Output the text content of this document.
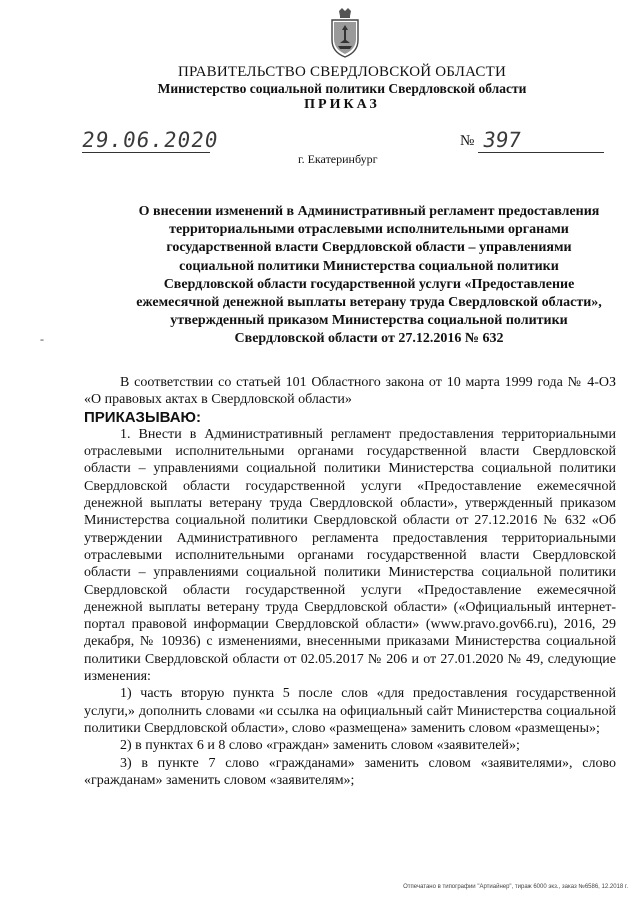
ПРАВИТЕЛЬСТВО СВЕРДЛОВСКОЙ ОБЛАСТИ
Министерство социальной политики Свердловской области
ПРИКАЗ
29.06.2020	№ 397
г. Екатеринбург
О внесении изменений в Административный регламент предоставления
территориальными отраслевыми исполнительными органами
государственной власти Свердловской области – управлениями
социальной политики Министерства социальной политики
Свердловской области государственной услуги «Предоставление
ежемесячной денежной выплаты ветерану труда Свердловской области»,
утвержденный приказом Министерства социальной политики
Свердловской области от 27.12.2016 № 632
-

В соответствии со статьей 101 Областного закона от 10 марта 1999 года № 4-ОЗ «О правовых актах в Свердловской области»

ПРИКАЗЫВАЮ:

1. Внести в Административный регламент предоставления территориальными отраслевыми исполнительными органами государственной власти Свердловской области – управлениями социальной политики Министерства социальной политики Свердловской области государственной услуги «Предоставление ежемесячной денежной выплаты ветерану труда Свердловской области», утвержденный приказом Министерства социальной политики Свердловской области от 27.12.2016 № 632 «Об утверждении Административного регламента предоставления территориальными отраслевыми исполнительными органами государственной власти Свердловской области – управлениями социальной политики Министерства социальной политики Свердловской области государственной услуги «Предоставление ежемесячной денежной выплаты ветерану труда Свердловской области» («Официальный интернет-портал правовой информации Свердловской области» (www.pravo.gov66.ru), 2016, 29 декабря, № 10936) с изменениями, внесенными приказами Министерства социальной политики Свердловской области от 02.05.2017 № 206 и от 27.01.2020 № 49, следующие изменения:

1) часть вторую пункта 5 после слов «для предоставления государственной услуги,» дополнить словами «и ссылка на официальный сайт Министерства социальной политики Свердловской области», слово «размещена» заменить словом «размещены»;

2) в пунктах 6 и 8 слово «граждан» заменить словом «заявителей»;

3) в пункте 7 слово «гражданами» заменить словом «заявителями», слово «гражданам» заменить словом «заявителям»;

Отпечатано в типографии "Артиайнер", тираж 6000 экз., заказ №6586, 12.2018 г.
